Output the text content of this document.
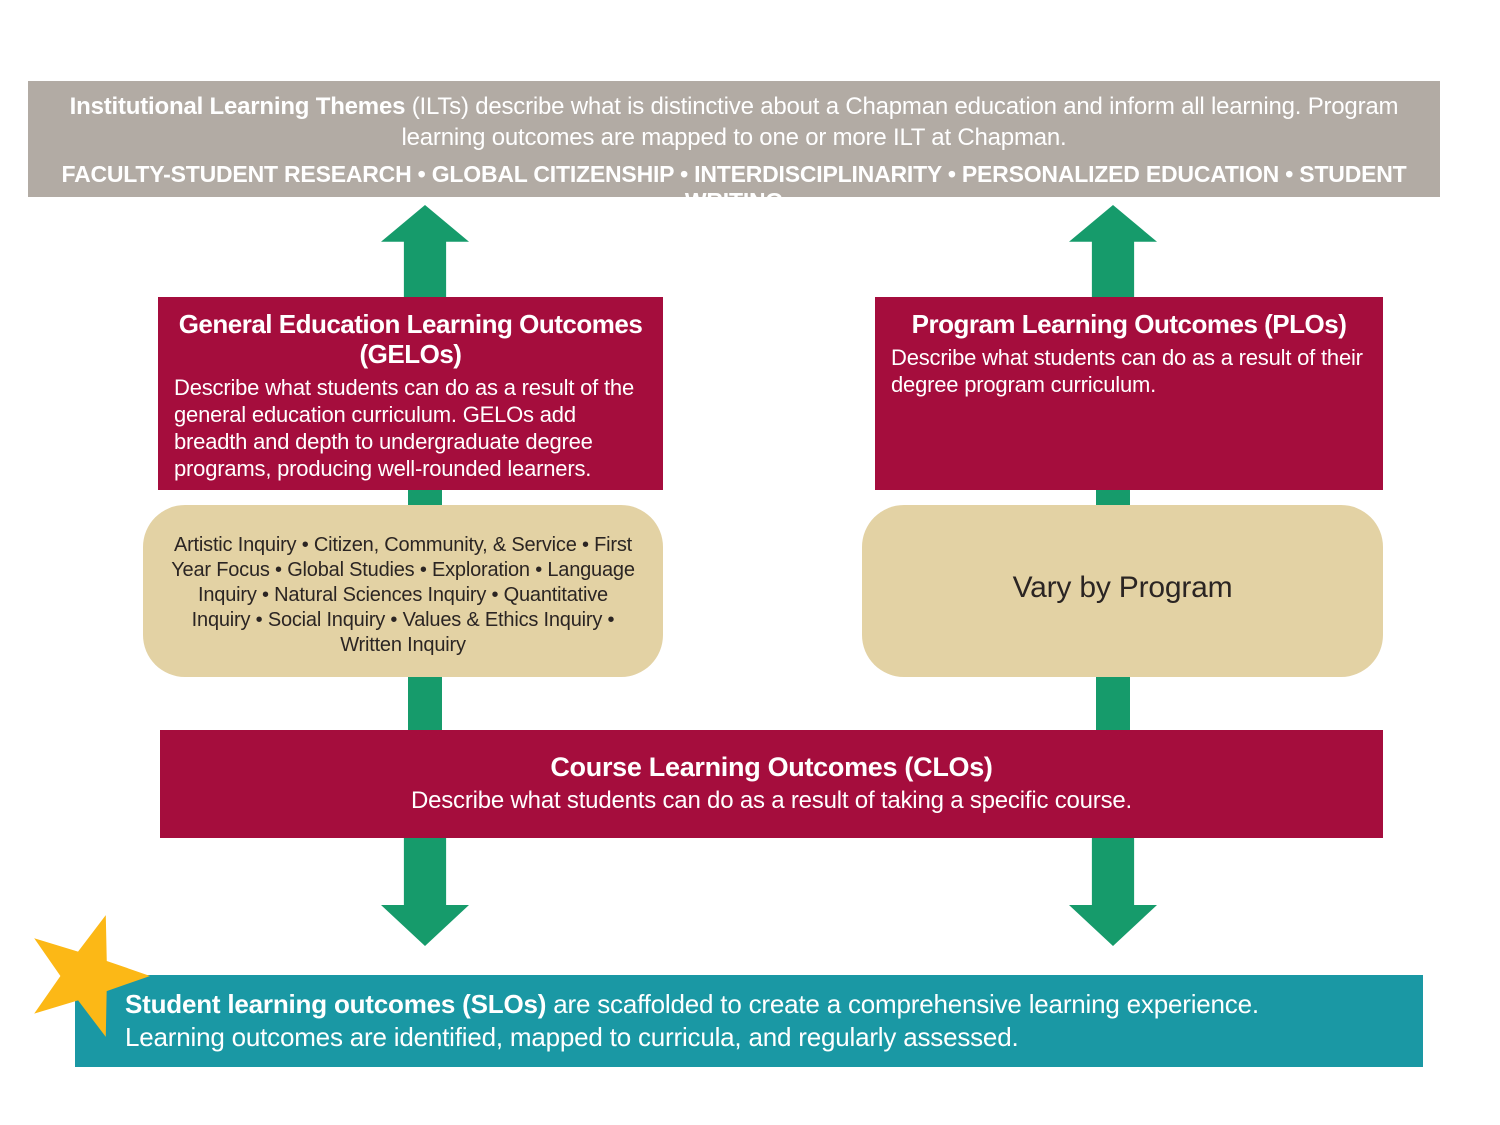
Institutional Learning Themes (ILTs) describe what is distinctive about a Chapman education and inform all learning. Program learning outcomes are mapped to one or more ILT at Chapman.
FACULTY-STUDENT RESEARCH • GLOBAL CITIZENSHIP • INTERDISCIPLINARITY • PERSONALIZED EDUCATION • STUDENT WRITING
General Education Learning Outcomes
(GELOs)
Describe what students can do as a result of the general education curriculum. GELOs add breadth and depth to undergraduate degree programs, producing well-rounded learners.
Program Learning Outcomes (PLOs)
Describe what students can do as a result of their degree program curriculum.
Artistic Inquiry • Citizen, Community, & Service • First Year Focus • Global Studies • Exploration • Language Inquiry • Natural Sciences Inquiry • Quantitative Inquiry • Social Inquiry • Values & Ethics Inquiry • Written Inquiry
Vary by Program
Course Learning Outcomes (CLOs)
Describe what students can do as a result of taking a specific course.
Student learning outcomes (SLOs) are scaffolded to create a comprehensive learning experience.
Learning outcomes are identified, mapped to curricula, and regularly assessed.
